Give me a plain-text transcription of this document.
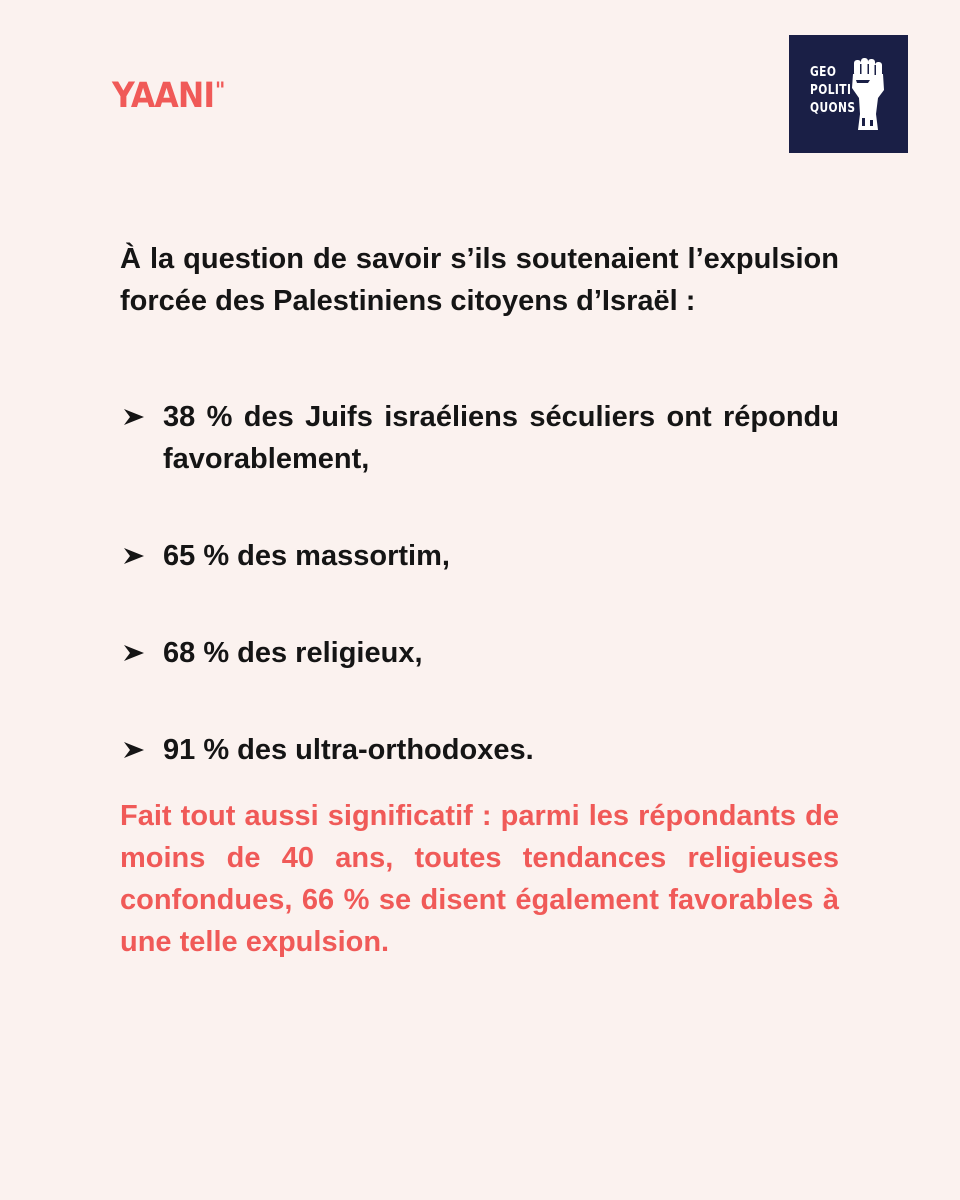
YAANI"
GEO
POLITI
QUONS

À la question de savoir s’ils soutenaient l’expulsion forcée des Palestiniens citoyens d’Israël :

38 % des Juifs israéliens séculiers ont répondu favorablement,
65 % des massortim,
68 % des religieux,
91 % des ultra-orthodoxes.

Fait tout aussi significatif : parmi les répondants de moins de 40 ans, toutes tendances religieuses confondues, 66 % se disent également favorables à une telle expulsion.
